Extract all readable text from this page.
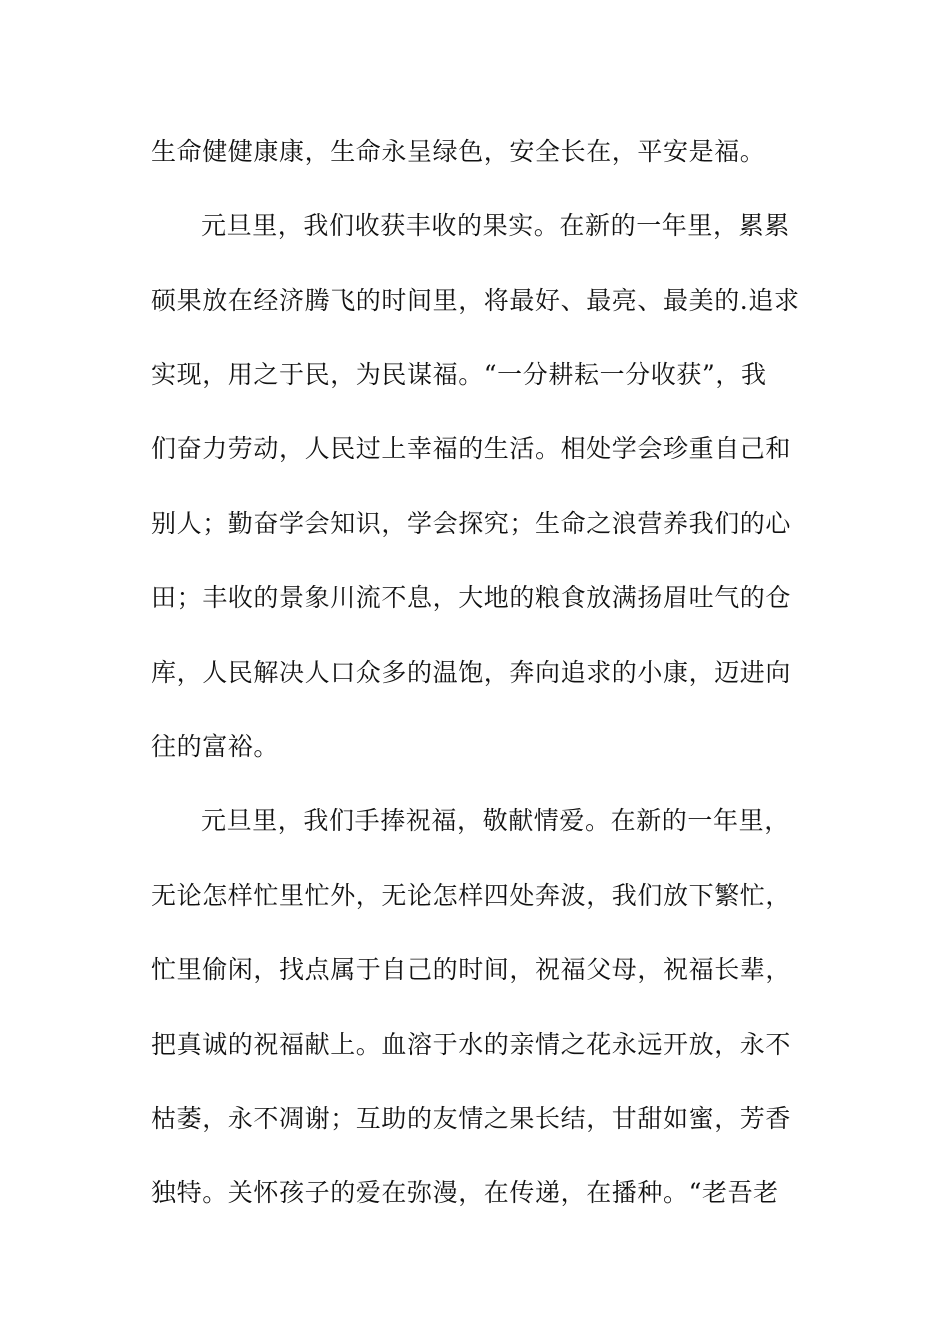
生命健健康康，生命永呈绿色，安全长在，平安是福。
元旦里，我们收获丰收的果实。在新的一年里，累累
硕果放在经济腾飞的时间里，将最好、最亮、最美的.追求
实现，用之于民，为民谋福。“一分耕耘一分收获”，我
们奋力劳动，人民过上幸福的生活。相处学会珍重自己和
别人；勤奋学会知识，学会探究；生命之浪营养我们的心
田；丰收的景象川流不息，大地的粮食放满扬眉吐气的仓
库，人民解决人口众多的温饱，奔向追求的小康，迈进向
往的富裕。
元旦里，我们手捧祝福，敬献情爱。在新的一年里，
无论怎样忙里忙外，无论怎样四处奔波，我们放下繁忙，
忙里偷闲，找点属于自己的时间，祝福父母，祝福长辈，
把真诚的祝福献上。血溶于水的亲情之花永远开放，永不
枯萎，永不凋谢；互助的友情之果长结，甘甜如蜜，芳香
独特。关怀孩子的爱在弥漫，在传递，在播种。“老吾老
